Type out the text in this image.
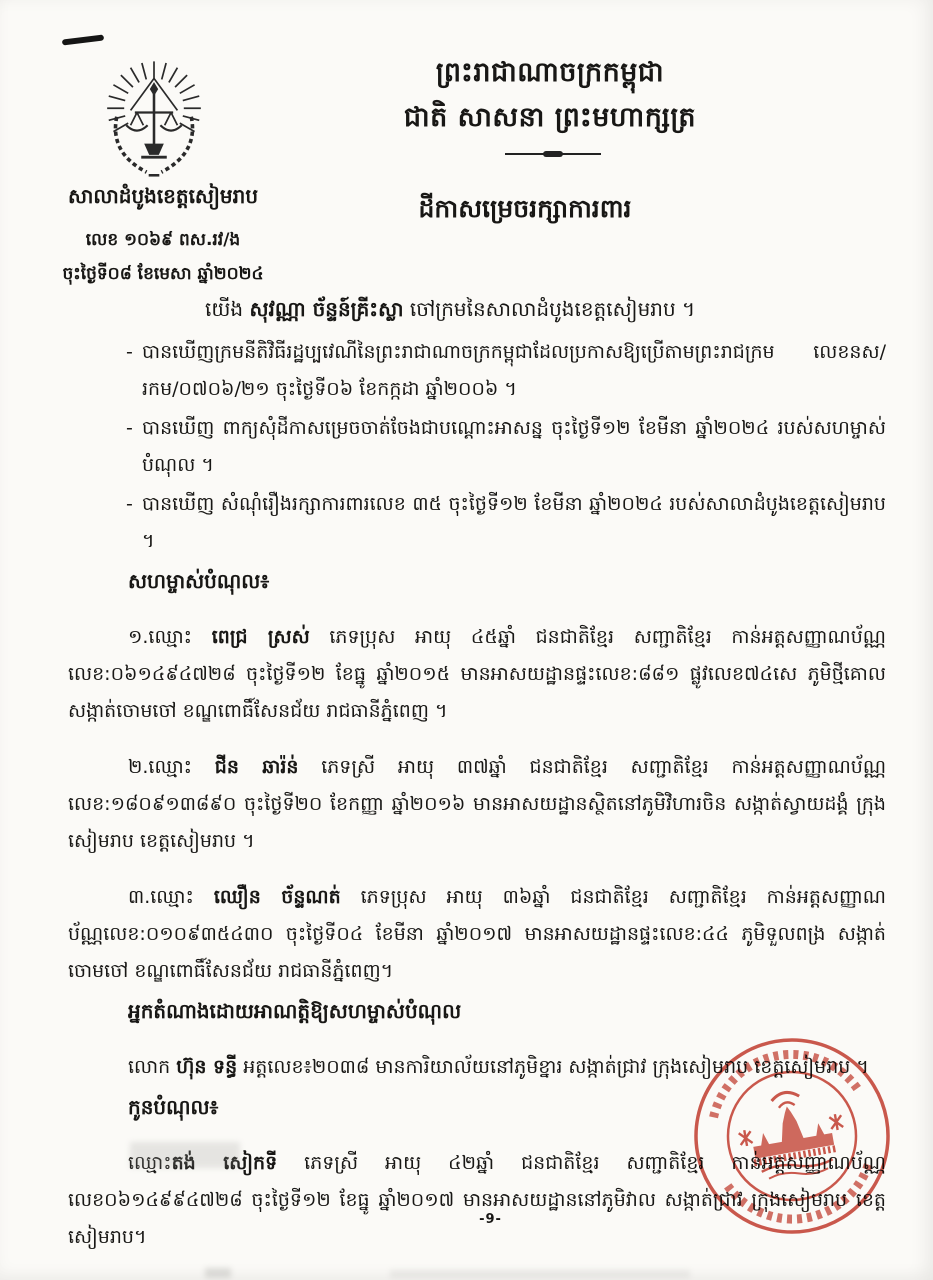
ព្រះរាជាណាចក្រកម្ពុជា
ជាតិ សាសនា ព្រះមហាក្សត្រ
សាលាដំបូងខេត្តសៀមរាប
លេខ ១០៦៩ ពស.រវ/ង
ចុះថ្ងៃទី០៨ ខែមេសា ឆ្នាំ២០២៤
ដីកាសម្រេចរក្សាការពារ
យើង សុវណ្ណា ច័ន្ទន៍គ្រីះស្លា ចៅក្រមនៃសាលាដំបូងខេត្តសៀមរាប ។
- បានឃើញក្រមនីតិវិធីរដ្ឋប្បវេណីនៃព្រះរាជាណាចក្រកម្ពុជាដែលប្រកាសឱ្យប្រើតាមព្រះរាជក្រម លេខនស/រកម/០៧០៦/២១ ចុះថ្ងៃទី០៦ ខែកក្កដា ឆ្នាំ២០០៦ ។
- បានឃើញ ពាក្យសុំដីកាសម្រេចចាត់ចែងជាបណ្ដោះអាសន្ន ចុះថ្ងៃទី១២ ខែមីនា ឆ្នាំ២០២៤ របស់សហម្ចាស់បំណុល ។
- បានឃើញ សំណុំរឿងរក្សាការពារលេខ ៣៥ ចុះថ្ងៃទី១២ ខែមីនា ឆ្នាំ២០២៤ របស់សាលាដំបូងខេត្តសៀមរាប ។
សហម្ចាស់បំណុល៖

១.ឈ្មោះ ពេជ្រ ស្រស់ ភេទប្រុស អាយុ ៤៥ឆ្នាំ ជនជាតិខ្មែរ សញ្ជាតិខ្មែរ កាន់អត្តសញ្ញាណប័ណ្ណ លេខ:០៦១៤៩៤៧២៨ ចុះថ្ងៃទី១២ ខែធ្នូ ឆ្នាំ២០១៥ មានអាសយដ្ឋានផ្ទះលេខ:៨៨១ ផ្លូវលេខ៧៤សេ ភូមិថ្មីគោល សង្កាត់ចោមចៅ ខណ្ឌពោធិ៍សែនជ័យ រាជធានីភ្នំពេញ ។

២.ឈ្មោះ ជីន ឆារ៉ន់ ភេទស្រី អាយុ ៣៧ឆ្នាំ ជនជាតិខ្មែរ សញ្ជាតិខ្មែរ កាន់អត្តសញ្ញាណប័ណ្ណ លេខ:១៨០៩១៣៨៩០ ចុះថ្ងៃទី២០ ខែកញ្ញា ឆ្នាំ២០១៦ មានអាសយដ្ឋានស្ថិតនៅភូមិវិហារចិន សង្កាត់ស្វាយដង្គំ ក្រុងសៀមរាប ខេត្តសៀមរាប ។

៣.ឈ្មោះ ឈឿន ច័ន្ទណត់ ភេទប្រុស អាយុ ៣៦ឆ្នាំ ជនជាតិខ្មែរ សញ្ជាតិខ្មែរ កាន់អត្តសញ្ញាណប័ណ្ណលេខ:០១០៩៣៥៤៣០ ចុះថ្ងៃទី០៤ ខែមីនា ឆ្នាំ២០១៧ មានអាសយដ្ឋានផ្ទះលេខ:៤៤ ភូមិទួលពង្រ សង្កាត់ចោមចៅ ខណ្ឌពោធិ៍សែនជ័យ រាជធានីភ្នំពេញ។

អ្នកតំណាងដោយអាណត្តិឱ្យសហម្ចាស់បំណុល

លោក ហ៊ុន ទន្ធី អត្តលេខ៖២០៣៨ មានការិយាល័យនៅភូមិខ្នារ សង្កាត់ជ្រាវ ក្រុងសៀមរាប ខេត្តសៀមរាប ។

កូនបំណុល៖

ឈ្មោះតង់ សៀកទី ភេទស្រី អាយុ ៤២ឆ្នាំ ជនជាតិខ្មែរ សញ្ជាតិខ្មែរ កាន់អត្តសញ្ញាណប័ណ្ណ លេខ០៦១៤៩៩៤៧២៨ ចុះថ្ងៃទី១២ ខែធ្នូ ឆ្នាំ២០១៧ មានអាសយដ្ឋាននៅភូមិវាល សង្កាត់ជ្រាវ ក្រុងសៀមរាប ខេត្តសៀមរាប។

-9-
